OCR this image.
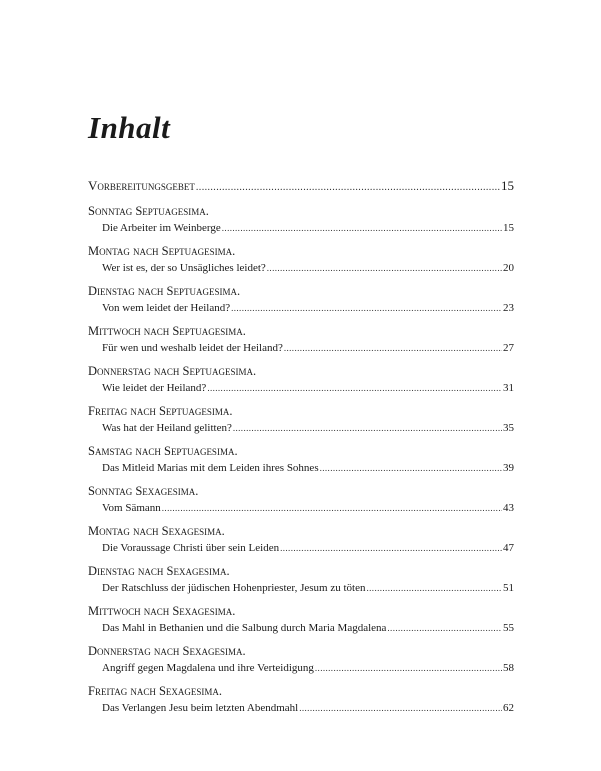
Inhalt
Vorbereitungsgebet .....	15
Sonntag Septuagesima.
Die Arbeiter im Weinberge .....	15
Montag nach Septuagesima.
Wer ist es, der so Unsägliches leidet? .....	20
Dienstag nach Septuagesima.
Von wem leidet der Heiland? .....	23
Mittwoch nach Septuagesima.
Für wen und weshalb leidet der Heiland? .....	27
Donnerstag nach Septuagesima.
Wie leidet der Heiland? .....	31
Freitag nach Septuagesima.
Was hat der Heiland gelitten? .....	35
Samstag nach Septuagesima.
Das Mitleid Marias mit dem Leiden ihres Sohnes .....	39
Sonntag Sexagesima.
Vom Sämann .....	43
Montag nach Sexagesima.
Die Voraussage Christi über sein Leiden .....	47
Dienstag nach Sexagesima.
Der Ratschluss der jüdischen Hohenpriester, Jesum zu töten .....	51
Mittwoch nach Sexagesima.
Das Mahl in Bethanien und die Salbung durch Maria Magdalena .....	55
Donnerstag nach Sexagesima.
Angriff gegen Magdalena und ihre Verteidigung .....	58
Freitag nach Sexagesima.
Das Verlangen Jesu beim letzten Abendmahl .....	62
